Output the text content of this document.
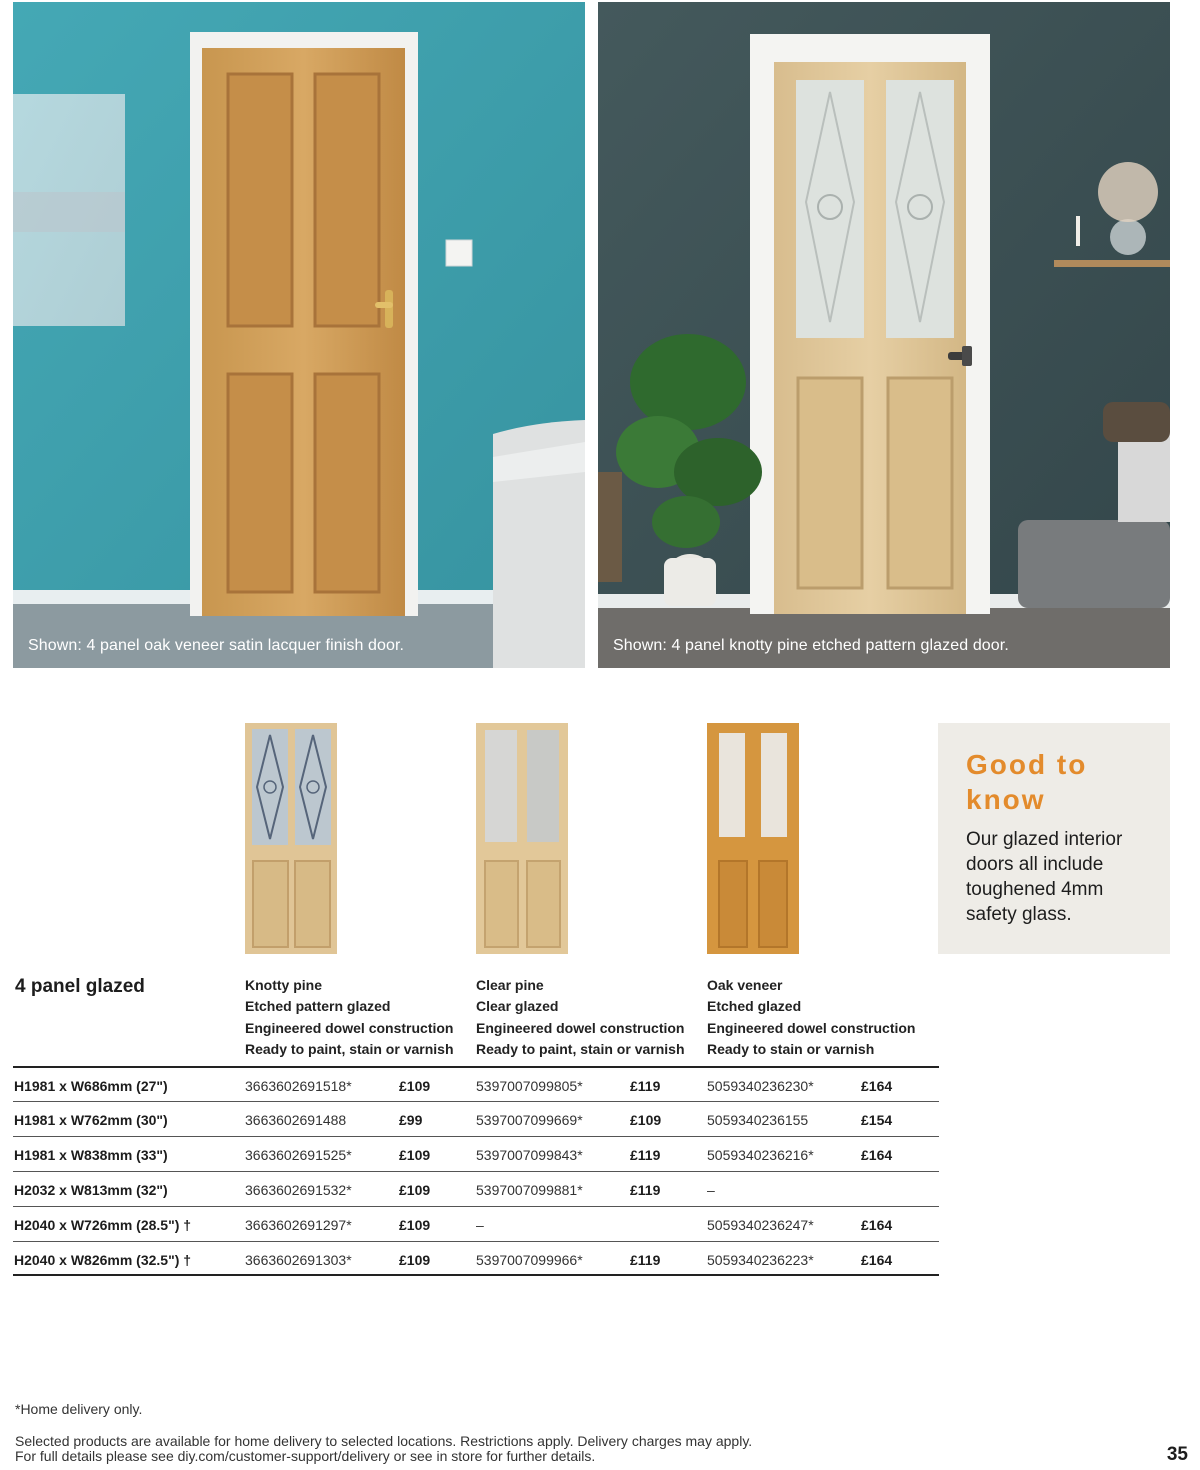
Shown: 4 panel oak veneer satin lacquer finish door.	Shown: 4 panel knotty pine etched pattern glazed door.
Good to know
Our glazed interior doors all include toughened 4mm safety glass.
4 panel glazed	Knotty pine
Etched pattern glazed
Engineered dowel construction
Ready to paint, stain or varnish
Clear pine
Clear glazed
Engineered dowel construction
Ready to paint, stain or varnish
Oak veneer
Etched glazed
Engineered dowel construction
Ready to stain or varnish
H1981 x W686mm (27")	3663602691518*	£109	5397007099805*	£119	5059340236230*	£164
H1981 x W762mm (30")	3663602691488	£99	5397007099669*	£109	5059340236155	£154
H1981 x W838mm (33")	3663602691525*	£109	5397007099843*	£119	5059340236216*	£164
H2032 x W813mm (32")	3663602691532*	£109	5397007099881*	£119	–
H2040 x W726mm (28.5") †	3663602691297*	£109	–	5059340236247*	£164
H2040 x W826mm (32.5") †	3663602691303*	£109	5397007099966*	£119	5059340236223*	£164
*Home delivery only.
Selected products are available for home delivery to selected locations. Restrictions apply. Delivery charges may apply.
For full details please see diy.com/customer-support/delivery or see in store for further details.	35
